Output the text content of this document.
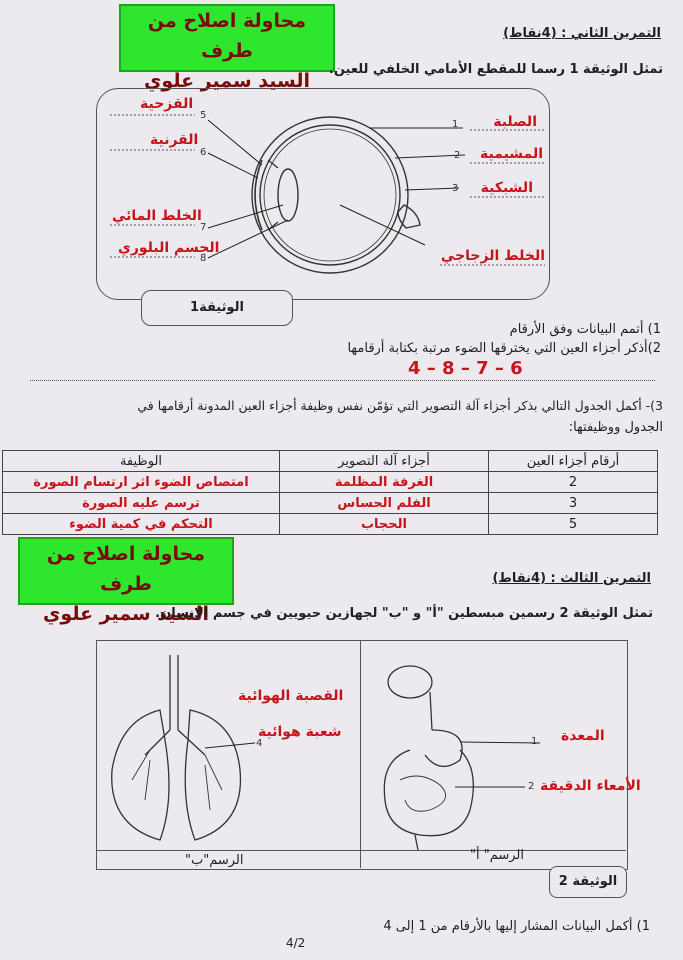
محاولة اصلاح من طرف
السيد سمير علوي
التمرين الثاني : (4نقاط)
تمثل الوثيقة 1 رسما للمقطع الأمامي الخلفي للعين.
الصلبة
المشيمية
الشبكية
الخلط الزجاجي
القزحية
القرنية
الخلط المائي
الجسم البلوري
1
2
3
5
6
7
8
الوثيقة1
1) أتمم البيانات وفق الأرقام
2)أذكر أجزاء العين التي يخترقها الضوء مرتبة بكتابة أرقامها
4 – 8 – 7 – 6
3)- أكمل الجدول التالي بذكر أجزاء آلة التصوير التي تؤمّن نفس وظيفة أجزاء العين المدونة أرقامها في
الجدول ووظيفتها:
أرقام أجزاء العين	أجزاء آلة التصوير	الوظيفة
2	الغرفة المظلمة	امتصاص الضوء اثر ارتسام الصورة
3	الفلم الحساس	ترسم عليه الصورة
5	الحجاب	التحكم في كمية الضوء
محاولة اصلاح من طرف
السيد سمير علوي
التمرين الثالث : (4نقاط)
تمثل الوثيقة 2 رسمين مبسطين "أ" و "ب" لجهازين حيويين في جسم الإنسان.
القصبة الهوائية
شعبة هوائية
4	المعدة
الأمعاء الدقيقة
1
2
الرسم"ب"	الرسم" أ"
الوثيقة 2
1) أكمل البيانات المشار إليها بالأرقام من 1 إلى 4
4/2
